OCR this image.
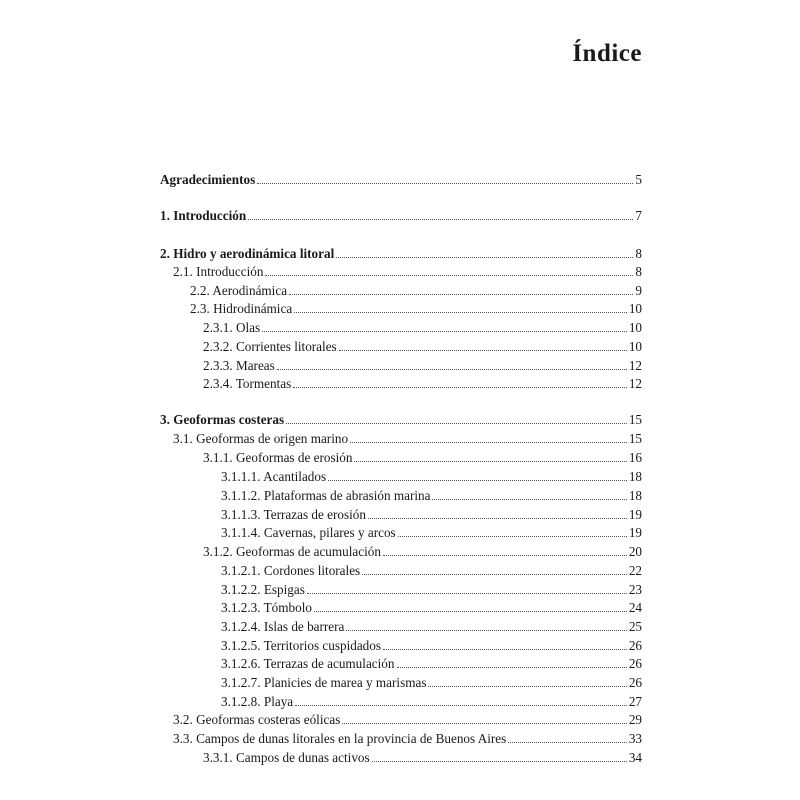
Índice
Agradecimientos	5
1. Introducción	7
2. Hidro y aerodinámica litoral	8
2.1. Introducción	8
2.2. Aerodinámica	9
2.3. Hidrodinámica	10
2.3.1. Olas	10
2.3.2. Corrientes litorales	10
2.3.3. Mareas	12
2.3.4. Tormentas	12
3. Geoformas costeras	15
3.1. Geoformas de origen marino	15
3.1.1. Geoformas de erosión	16
3.1.1.1. Acantilados	18
3.1.1.2. Plataformas de abrasión marina	18
3.1.1.3. Terrazas de erosión	19
3.1.1.4. Cavernas, pilares y arcos	19
3.1.2. Geoformas de acumulación	20
3.1.2.1. Cordones litorales	22
3.1.2.2. Espigas	23
3.1.2.3. Tómbolo	24
3.1.2.4. Islas de barrera	25
3.1.2.5. Territorios cuspidados	26
3.1.2.6. Terrazas de acumulación	26
3.1.2.7. Planicies de marea y marismas	26
3.1.2.8. Playa	27
3.2. Geoformas costeras eólicas	29
3.3. Campos de dunas litorales en la provincia de Buenos Aires	33
3.3.1. Campos de dunas activos	34
